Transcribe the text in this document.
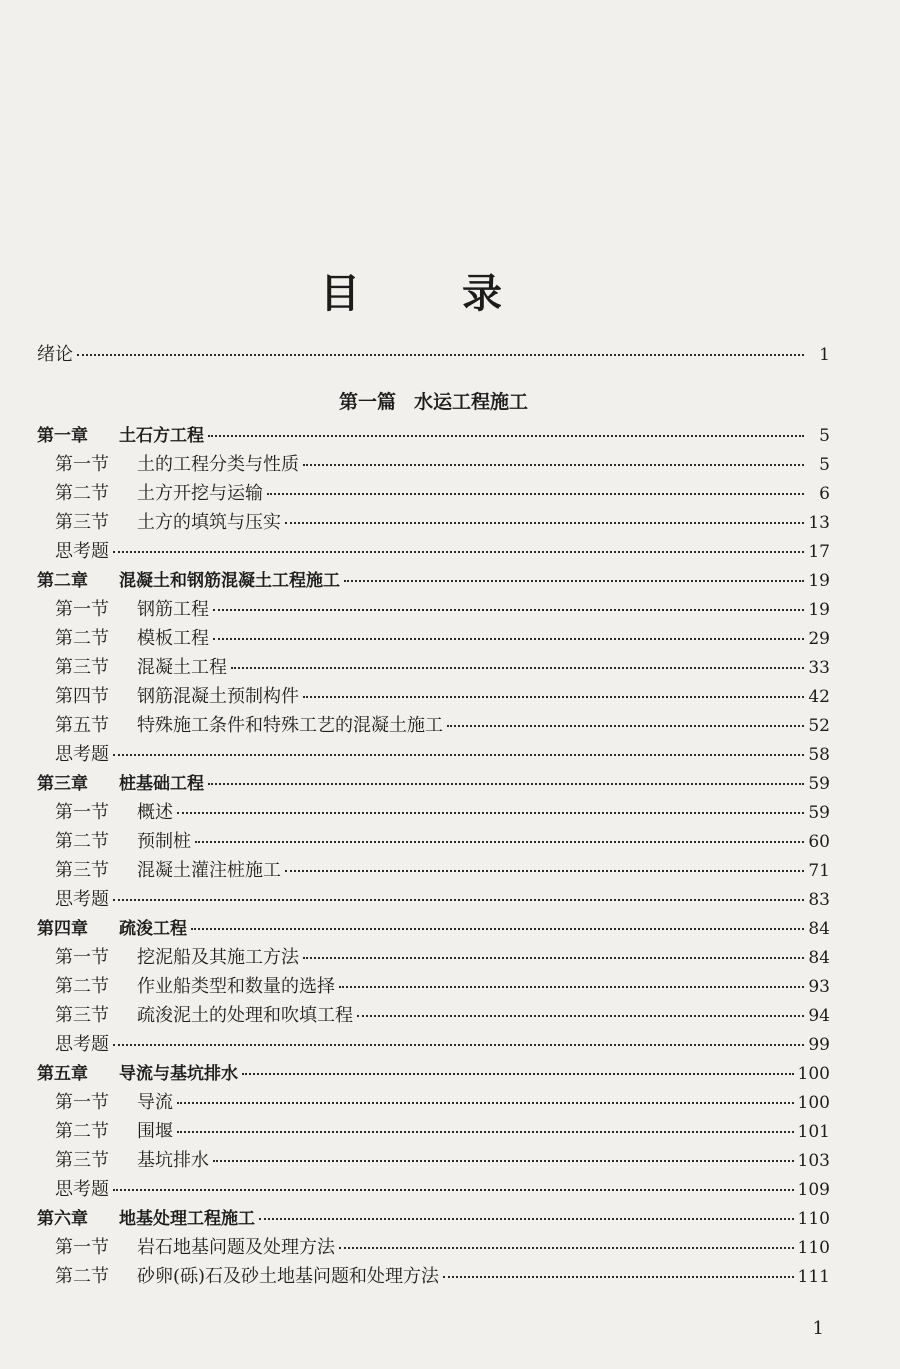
目 录
绪论	1
第一篇 水运工程施工
第一章 土石方工程	5
第一节 土的工程分类与性质	5
第二节 土方开挖与运输	6
第三节 土方的填筑与压实	13
思考题	17
第二章 混凝土和钢筋混凝土工程施工	19
第一节 钢筋工程	19
第二节 模板工程	29
第三节 混凝土工程	33
第四节 钢筋混凝土预制构件	42
第五节 特殊施工条件和特殊工艺的混凝土施工	52
思考题	58
第三章 桩基础工程	59
第一节 概述	59
第二节 预制桩	60
第三节 混凝土灌注桩施工	71
思考题	83
第四章 疏浚工程	84
第一节 挖泥船及其施工方法	84
第二节 作业船类型和数量的选择	93
第三节 疏浚泥土的处理和吹填工程	94
思考题	99
第五章 导流与基坑排水	100
第一节 导流	100
第二节 围堰	101
第三节 基坑排水	103
思考题	109
第六章 地基处理工程施工	110
第一节 岩石地基问题及处理方法	110
第二节 砂卵(砾)石及砂土地基问题和处理方法	111
1
